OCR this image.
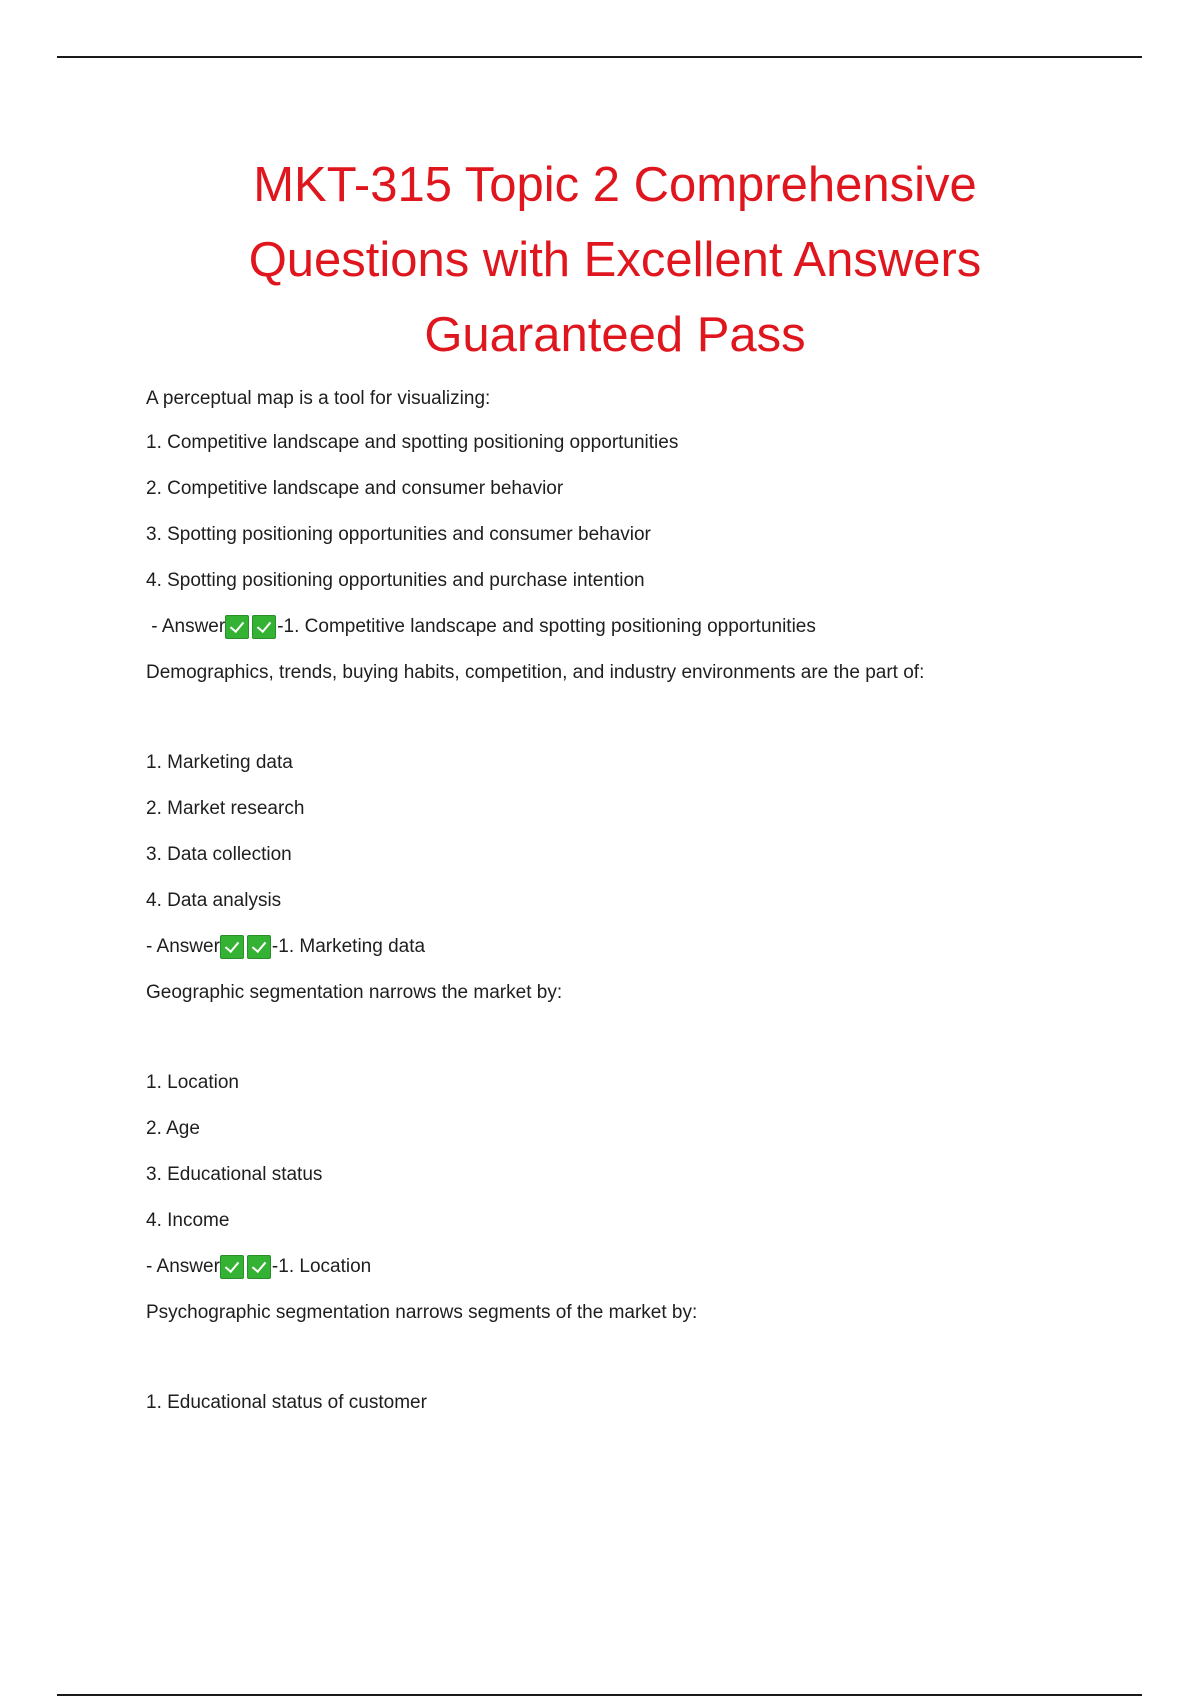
MKT-315 Topic 2 Comprehensive Questions with Excellent Answers Guaranteed Pass
A perceptual map is a tool for visualizing:
1. Competitive landscape and spotting positioning opportunities
2. Competitive landscape and consumer behavior
3. Spotting positioning opportunities and consumer behavior
4. Spotting positioning opportunities and purchase intention
- Answer	-1. Competitive landscape and spotting positioning opportunities
Demographics, trends, buying habits, competition, and industry environments are the part of:
1. Marketing data
2. Market research
3. Data collection
4. Data analysis
- Answer	-1. Marketing data
Geographic segmentation narrows the market by:
1. Location
2. Age
3. Educational status
4. Income
- Answer	-1. Location
Psychographic segmentation narrows segments of the market by:
1. Educational status of customer
